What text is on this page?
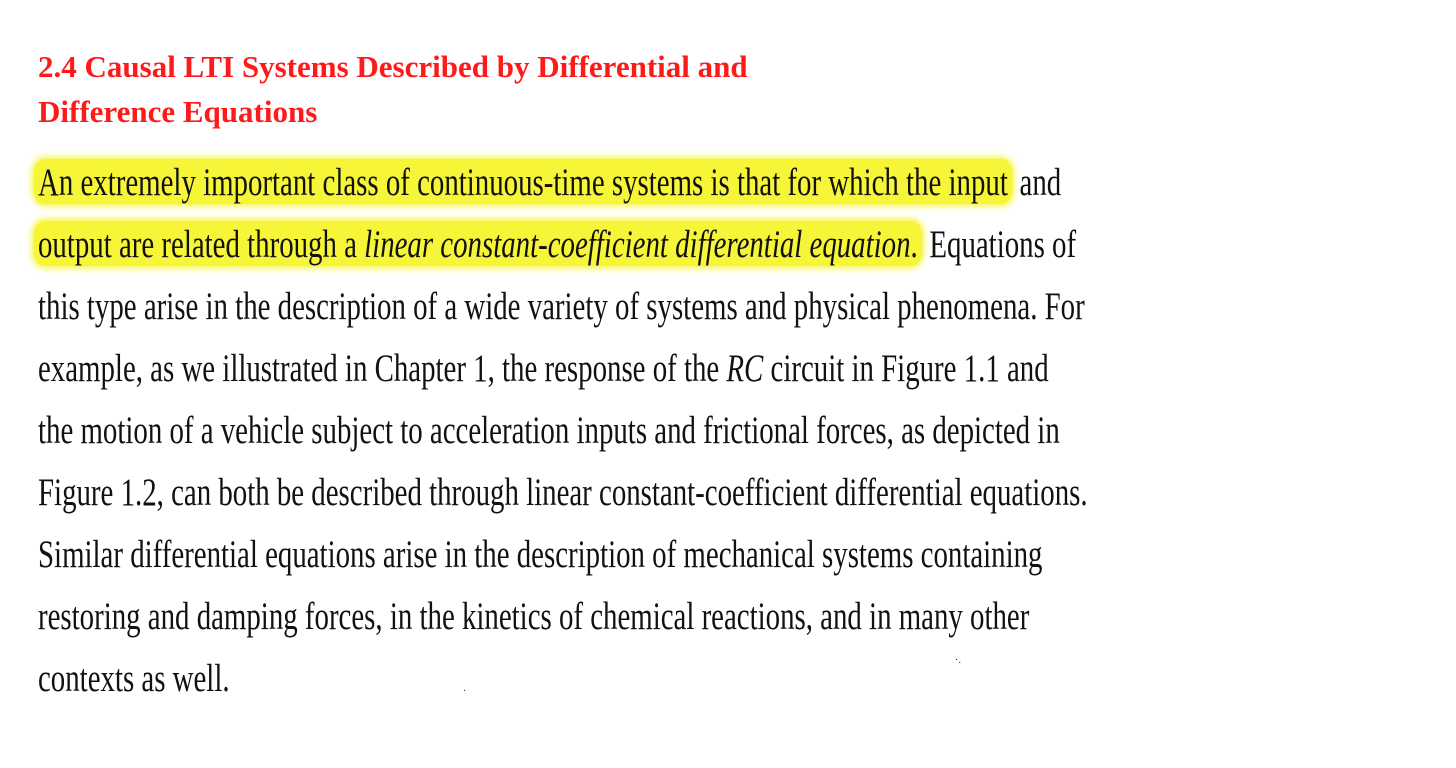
2.4 Causal LTI Systems Described by Differential and
Difference Equations
An extremely important class of continuous-time systems is that for which the input and
output are related through a linear constant-coefficient differential equation. Equations of
this type arise in the description of a wide variety of systems and physical phenomena. For
example, as we illustrated in Chapter 1, the response of the RC circuit in Figure 1.1 and
the motion of a vehicle subject to acceleration inputs and frictional forces, as depicted in
Figure 1.2, can both be described through linear constant-coefficient differential equations.
Similar differential equations arise in the description of mechanical systems containing
restoring and damping forces, in the kinetics of chemical reactions, and in many other
contexts as well.	·.
·
